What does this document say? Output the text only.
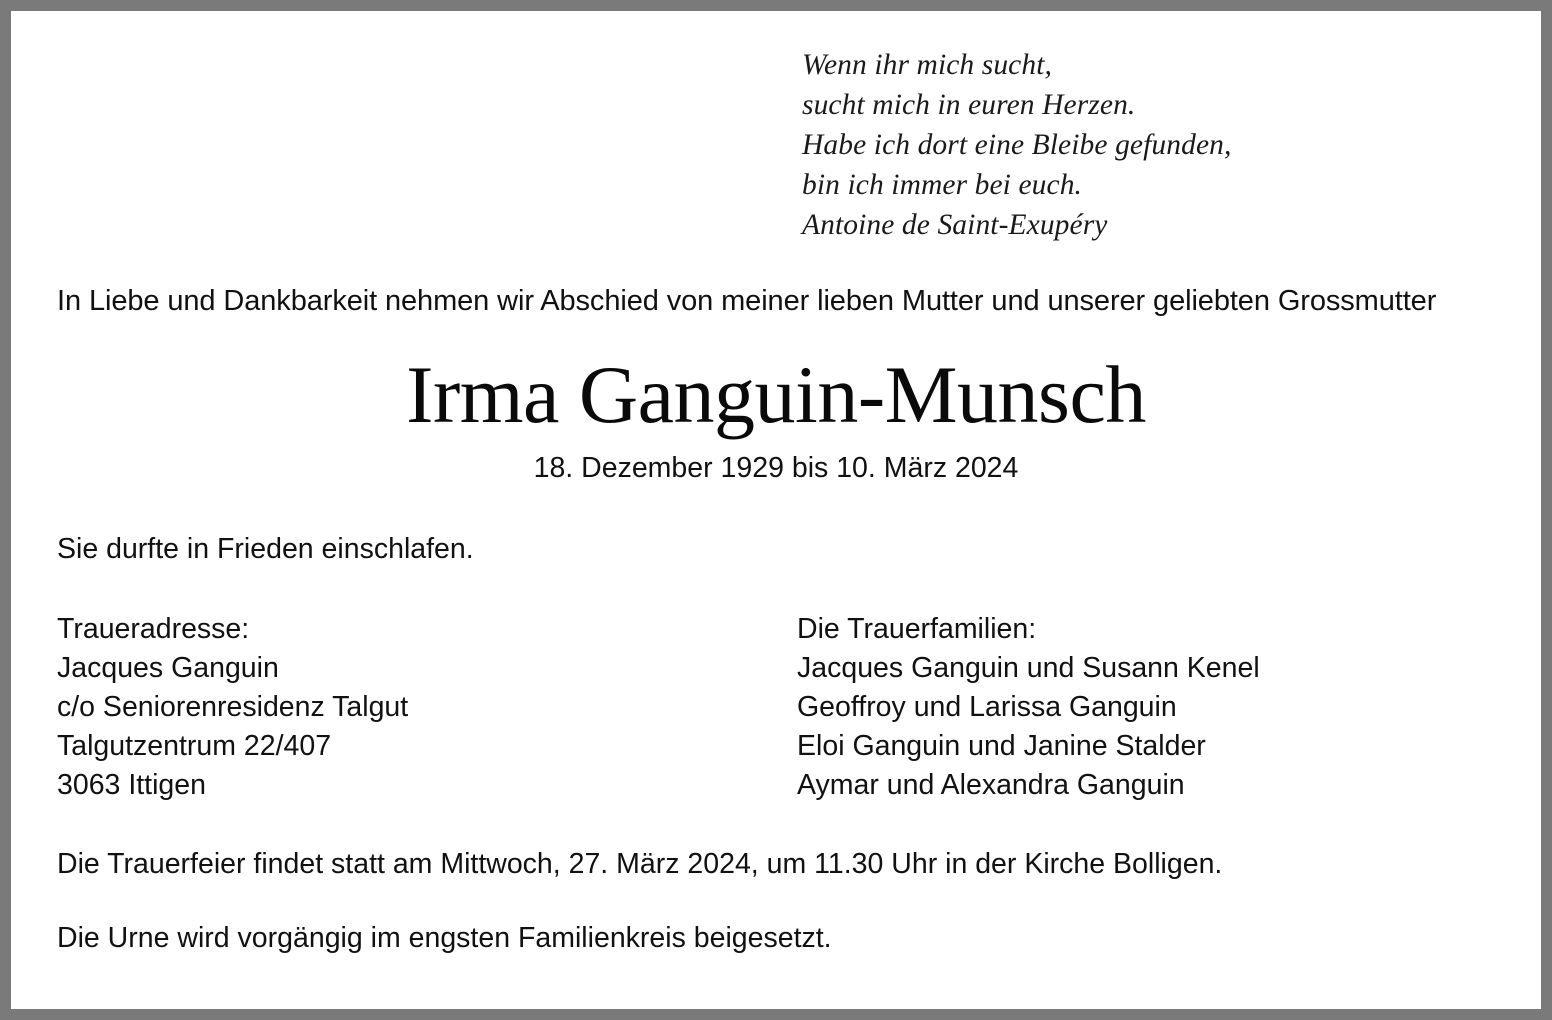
Wenn ihr mich sucht,
sucht mich in euren Herzen.
Habe ich dort eine Bleibe gefunden,
bin ich immer bei euch.
Antoine de Saint-Exupéry
In Liebe und Dankbarkeit nehmen wir Abschied von meiner lieben Mutter und unserer geliebten Grossmutter
Irma Ganguin-Munsch
18. Dezember 1929 bis 10. März 2024
Sie durfte in Frieden einschlafen.
Traueradresse:
Jacques Ganguin
c/o Seniorenresidenz Talgut
Talgutzentrum 22/407
3063 Ittigen
Die Trauerfamilien:
Jacques Ganguin und Susann Kenel
Geoffroy und Larissa Ganguin
Eloi Ganguin und Janine Stalder
Aymar und Alexandra Ganguin
Die Trauerfeier findet statt am Mittwoch, 27. März 2024, um 11.30 Uhr in der Kirche Bolligen.
Die Urne wird vorgängig im engsten Familienkreis beigesetzt.
